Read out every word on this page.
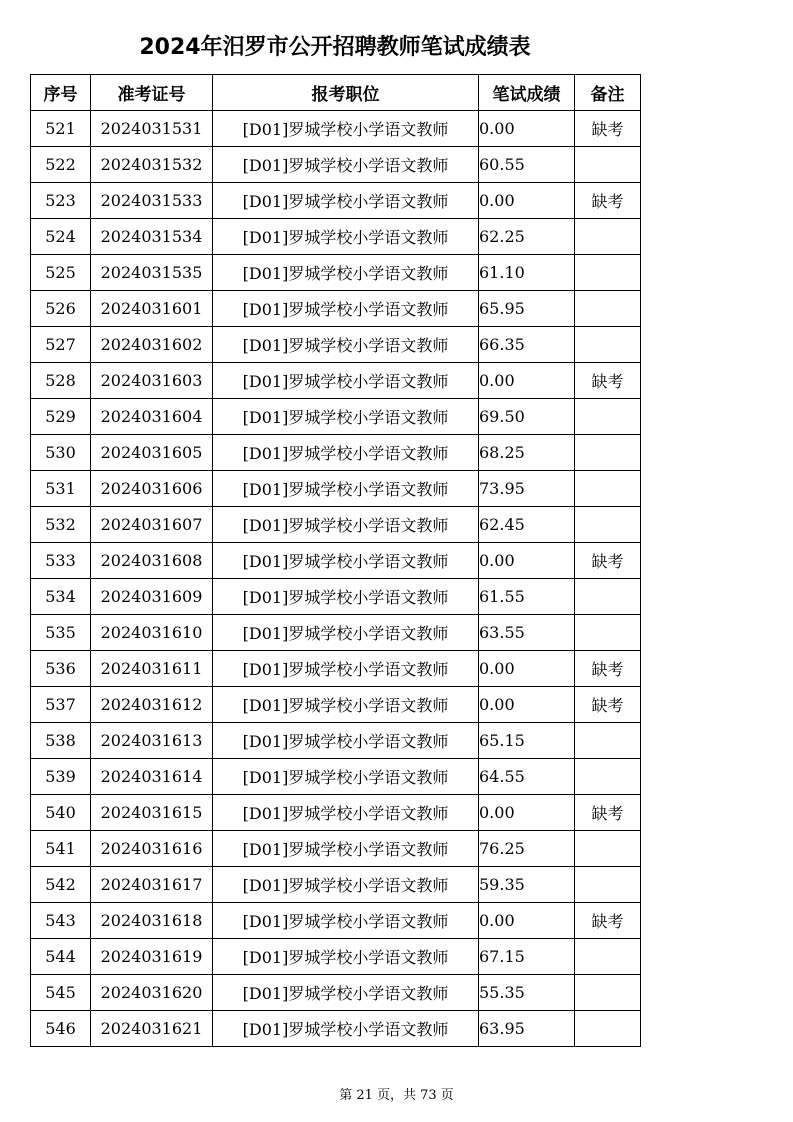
2024年汨罗市公开招聘教师笔试成绩表
序号	准考证号	报考职位	笔试成绩	备注
521	2024031531	[D01]罗城学校小学语文教师	0.00	缺考
522	2024031532	[D01]罗城学校小学语文教师	60.55	
523	2024031533	[D01]罗城学校小学语文教师	0.00	缺考
524	2024031534	[D01]罗城学校小学语文教师	62.25	
525	2024031535	[D01]罗城学校小学语文教师	61.10	
526	2024031601	[D01]罗城学校小学语文教师	65.95	
527	2024031602	[D01]罗城学校小学语文教师	66.35	
528	2024031603	[D01]罗城学校小学语文教师	0.00	缺考
529	2024031604	[D01]罗城学校小学语文教师	69.50	
530	2024031605	[D01]罗城学校小学语文教师	68.25	
531	2024031606	[D01]罗城学校小学语文教师	73.95	
532	2024031607	[D01]罗城学校小学语文教师	62.45	
533	2024031608	[D01]罗城学校小学语文教师	0.00	缺考
534	2024031609	[D01]罗城学校小学语文教师	61.55	
535	2024031610	[D01]罗城学校小学语文教师	63.55	
536	2024031611	[D01]罗城学校小学语文教师	0.00	缺考
537	2024031612	[D01]罗城学校小学语文教师	0.00	缺考
538	2024031613	[D01]罗城学校小学语文教师	65.15	
539	2024031614	[D01]罗城学校小学语文教师	64.55	
540	2024031615	[D01]罗城学校小学语文教师	0.00	缺考
541	2024031616	[D01]罗城学校小学语文教师	76.25	
542	2024031617	[D01]罗城学校小学语文教师	59.35	
543	2024031618	[D01]罗城学校小学语文教师	0.00	缺考
544	2024031619	[D01]罗城学校小学语文教师	67.15	
545	2024031620	[D01]罗城学校小学语文教师	55.35	
546	2024031621	[D01]罗城学校小学语文教师	63.95	
第 21 页，共 73 页
